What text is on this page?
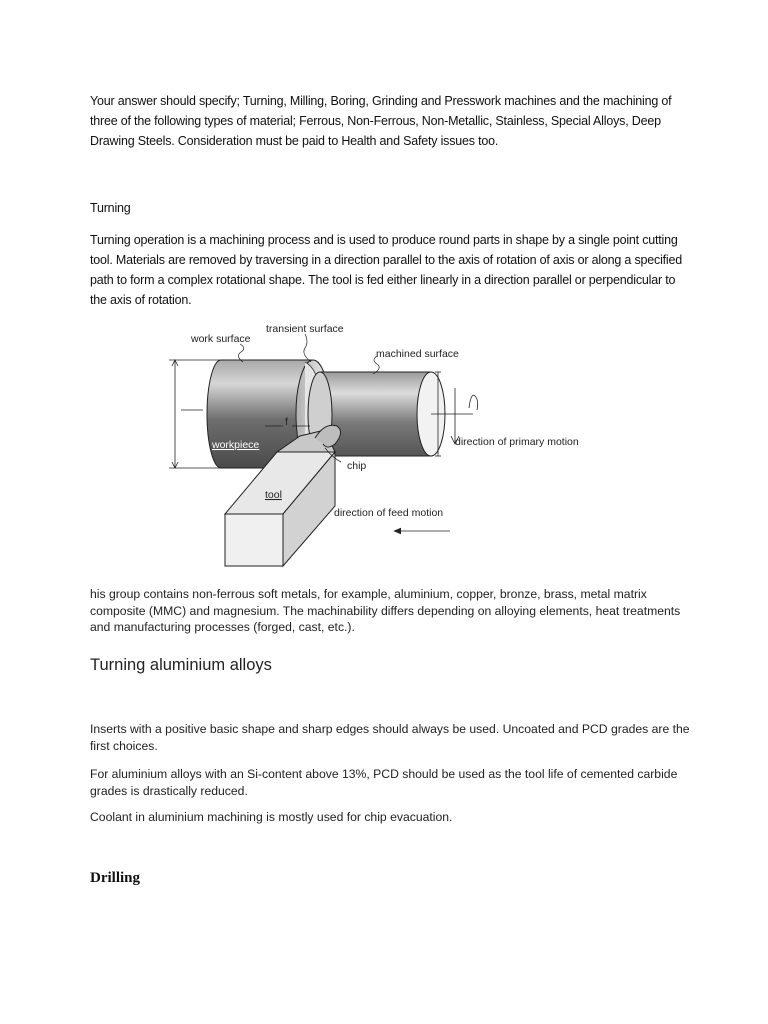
Your answer should specify; Turning, Milling, Boring, Grinding and Presswork machines and the machining of three of the following types of material; Ferrous, Non-Ferrous, Non-Metallic, Stainless, Special Alloys, Deep Drawing Steels. Consideration must be paid to Health and Safety issues too.

Turning

Turning operation is a machining process and is used to produce round parts in shape by a single point cutting tool. Materials are removed by traversing in a direction parallel to the axis of rotation of axis or along a specified path to form a complex rotational shape. The tool is fed either linearly in a direction parallel or perpendicular to the axis of rotation.

work surface
transient surface
machined surface
workpiece
f
chip
tool
direction of primary motion
direction of feed motion

his group contains non-ferrous soft metals, for example, aluminium, copper, bronze, brass, metal matrix composite (MMC) and magnesium. The machinability differs depending on alloying elements, heat treatments and manufacturing processes (forged, cast, etc.).

Turning aluminium alloys

Inserts with a positive basic shape and sharp edges should always be used. Uncoated and PCD grades are the first choices.

For aluminium alloys with an Si-content above 13%, PCD should be used as the tool life of cemented carbide grades is drastically reduced.

Coolant in aluminium machining is mostly used for chip evacuation.

Drilling
